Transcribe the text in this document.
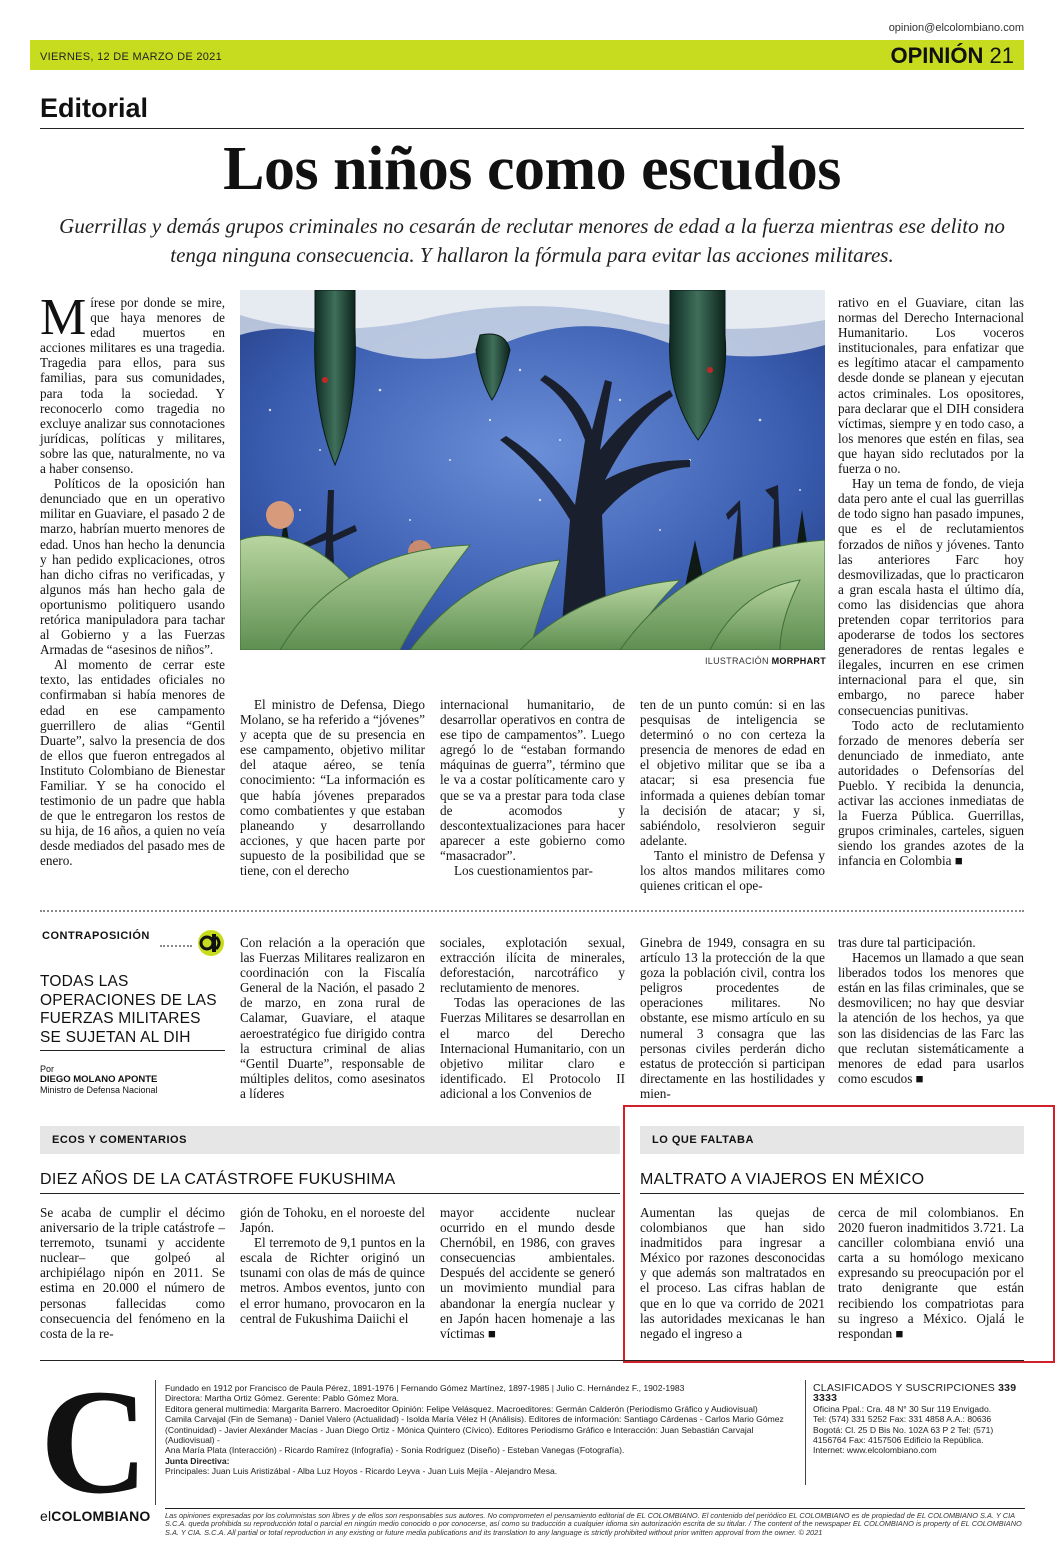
opinion@elcolombiano.com
VIERNES, 12 DE MARZO DE 2021	OPINIÓN 21
Editorial
Los niños como escudos
Guerrillas y demás grupos criminales no cesarán de reclutar menores de edad a la fuerza mientras ese delito no tenga ninguna consecuencia. Y hallaron la fórmula para evitar las acciones militares.

Mírese por donde se mire, que haya menores de edad muertos en acciones militares es una tragedia. Tragedia para ellos, para sus familias, para sus comunidades, para toda la sociedad. Y reconocerlo como tragedia no excluye analizar sus connotaciones jurídicas, políticas y militares, sobre las que, naturalmente, no va a haber consenso.

Políticos de la oposición han denunciado que en un operativo militar en Guaviare, el pasado 2 de marzo, habrían muerto menores de edad. Unos han hecho la denuncia y han pedido explicaciones, otros han dicho cifras no verificadas, y algunos más han hecho gala de oportunismo politiquero usando retórica manipuladora para tachar al Gobierno y a las Fuerzas Armadas de “asesinos de niños”.

Al momento de cerrar este texto, las entidades oficiales no confirmaban si había menores de edad en ese campamento guerrillero de alias “Gentil Duarte”, salvo la presencia de dos de ellos que fueron entregados al Instituto Colombiano de Bienestar Familiar. Y se ha conocido el testimonio de un padre que habla de que le entregaron los restos de su hija, de 16 años, a quien no veía desde mediados del pasado mes de enero.

ILUSTRACIÓN MORPHART

El ministro de Defensa, Diego Molano, se ha referido a “jóvenes” y acepta que de su presencia en ese campamento, objetivo militar del ataque aéreo, se tenía conocimiento: “La información es que había jóvenes preparados como combatientes y que estaban planeando y desarrollando acciones, y que hacen parte por supuesto de la posibilidad que se tiene, con el derecho

internacional humanitario, de desarrollar operativos en contra de ese tipo de campamentos”. Luego agregó lo de “estaban formando máquinas de guerra”, término que le va a costar políticamente caro y que se va a prestar para toda clase de acomodos y descontextualizaciones para hacer aparecer a este gobierno como “masacrador”.

Los cuestionamientos par-

ten de un punto común: si en las pesquisas de inteligencia se determinó o no con certeza la presencia de menores de edad en el objetivo militar que se iba a atacar; si esa presencia fue informada a quienes debían tomar la decisión de atacar; y si, sabiéndolo, resolvieron seguir adelante.

Tanto el ministro de Defensa y los altos mandos militares como quienes critican el ope-

rativo en el Guaviare, citan las normas del Derecho Internacional Humanitario. Los voceros institucionales, para enfatizar que es legítimo atacar el campamento desde donde se planean y ejecutan actos criminales. Los opositores, para declarar que el DIH considera víctimas, siempre y en todo caso, a los menores que estén en filas, sea que hayan sido reclutados por la fuerza o no.

Hay un tema de fondo, de vieja data pero ante el cual las guerrillas de todo signo han pasado impunes, que es el de reclutamientos forzados de niños y jóvenes. Tanto las anteriores Farc hoy desmovilizadas, que lo practicaron a gran escala hasta el último día, como las disidencias que ahora pretenden copar territorios para apoderarse de todos los sectores generadores de rentas legales e ilegales, incurren en ese crimen internacional para el que, sin embargo, no parece haber consecuencias punitivas.

Todo acto de reclutamiento forzado de menores debería ser denunciado de inmediato, ante autoridades o Defensorías del Pueblo. Y recibida la denuncia, activar las acciones inmediatas de la Fuerza Pública. Guerrillas, grupos criminales, carteles, siguen siendo los grandes azotes de la infancia en Colombia ■

CONTRAPOSICIÓN
TODAS LAS OPERACIONES DE LAS FUERZAS MILITARES SE SUJETAN AL DIH
Por
DIEGO MOLANO APONTE
Ministro de Defensa Nacional

Con relación a la operación que las Fuerzas Militares realizaron en coordinación con la Fiscalía General de la Nación, el pasado 2 de marzo, en zona rural de Calamar, Guaviare, el ataque aeroestratégico fue dirigido contra la estructura criminal de alias “Gentil Duarte”, responsable de múltiples delitos, como asesinatos a líderes

sociales, explotación sexual, extracción ilícita de minerales, deforestación, narcotráfico y reclutamiento de menores.

Todas las operaciones de las Fuerzas Militares se desarrollan en el marco del Derecho Internacional Humanitario, con un objetivo militar claro e identificado. El Protocolo II adicional a los Convenios de

Ginebra de 1949, consagra en su artículo 13 la protección de la que goza la población civil, contra los peligros procedentes de operaciones militares. No obstante, ese mismo artículo en su numeral 3 consagra que las personas civiles perderán dicho estatus de protección si participan directamente en las hostilidades y mien-

tras dure tal participación.

Hacemos un llamado a que sean liberados todos los menores que están en las filas criminales, que se desmovilicen; no hay que desviar la atención de los hechos, ya que son las disidencias de las Farc las que reclutan sistemáticamente a menores de edad para usarlos como escudos ■

ECOS Y COMENTARIOS
DIEZ AÑOS DE LA CATÁSTROFE FUKUSHIMA

Se acaba de cumplir el décimo aniversario de la triple catástrofe –terremoto, tsunami y accidente nuclear– que golpeó al archipiélago nipón en 2011. Se estima en 20.000 el número de personas fallecidas como consecuencia del fenómeno en la costa de la re-

gión de Tohoku, en el noroeste del Japón.

El terremoto de 9,1 puntos en la escala de Richter originó un tsunami con olas de más de quince metros. Ambos eventos, junto con el error humano, provocaron en la central de Fukushima Daiichi el

mayor accidente nuclear ocurrido en el mundo desde Chernóbil, en 1986, con graves consecuencias ambientales. Después del accidente se generó un movimiento mundial para abandonar la energía nuclear y en Japón hacen homenaje a las víctimas ■

LO QUE FALTABA
MALTRATO A VIAJEROS EN MÉXICO

Aumentan las quejas de colombianos que han sido inadmitidos para ingresar a México por razones desconocidas y que además son maltratados en el proceso. Las cifras hablan de que en lo que va corrido de 2021 las autoridades mexicanas le han negado el ingreso a

cerca de mil colombianos. En 2020 fueron inadmitidos 3.721. La canciller colombiana envió una carta a su homólogo mexicano expresando su preocupación por el trato denigrante que están recibiendo los compatriotas para su ingreso a México. Ojalá le respondan ■

C
elCOLOMBIANO
Fundado en 1912 por Francisco de Paula Pérez, 1891-1976 | Fernando Gómez Martínez, 1897-1985 | Julio C. Hernández F., 1902-1983
Directora: Martha Ortiz Gómez. Gerente: Pablo Gómez Mora.
Editora general multimedia: Margarita Barrero. Macroeditor Opinión: Felipe Velásquez. Macroeditores: Germán Calderón (Periodismo Gráfico y Audiovisual)
Camila Carvajal (Fin de Semana) - Daniel Valero (Actualidad) - Isolda María Vélez H (Análisis). Editores de información: Santiago Cárdenas - Carlos Mario Gómez
(Continuidad) - Javier Alexánder Macías - Juan Diego Ortiz - Mónica Quintero (Cívico). Editores Periodismo Gráfico e Interacción: Juan Sebastián Carvajal (Audiovisual) -
Ana María Plata (Interacción) - Ricardo Ramírez (Infografía) - Sonia Rodríguez (Diseño) - Esteban Vanegas (Fotografía).
Junta Directiva:
Principales: Juan Luis Aristizábal - Alba Luz Hoyos - Ricardo Leyva - Juan Luis Mejía - Alejandro Mesa.
CLASIFICADOS Y SUSCRIPCIONES 339 3333
Oficina Ppal.: Cra. 48 N° 30 Sur 119 Envigado.
Tel: (574) 331 5252 Fax: 331 4858 A.A.: 80636
Bogotá: Cl. 25 D Bis No. 102A 63 P 2 Tel: (571)
4156764 Fax: 4157506 Edificio la República.
Internet: www.elcolombiano.com
Las opiniones expresadas por los columnistas son libres y de ellos son responsables sus autores. No comprometen el pensamiento editorial de EL COLOMBIANO. El contenido del periódico EL COLOMBIANO es de propiedad de EL COLOMBIANO S.A. Y CIA S.C.A. queda prohibida su reproducción total o parcial en ningún medio conocido o por conocerse, así como su traducción a cualquier idioma sin autorización escrita de su titular. / The content of the newspaper EL COLOMBIANO is property of EL COLOMBIANO S.A. Y CIA. S.C.A. All partial or total reproduction in any existing or future media publications and its translation to any language is strictly prohibited without prior written approval from the owner. © 2021
